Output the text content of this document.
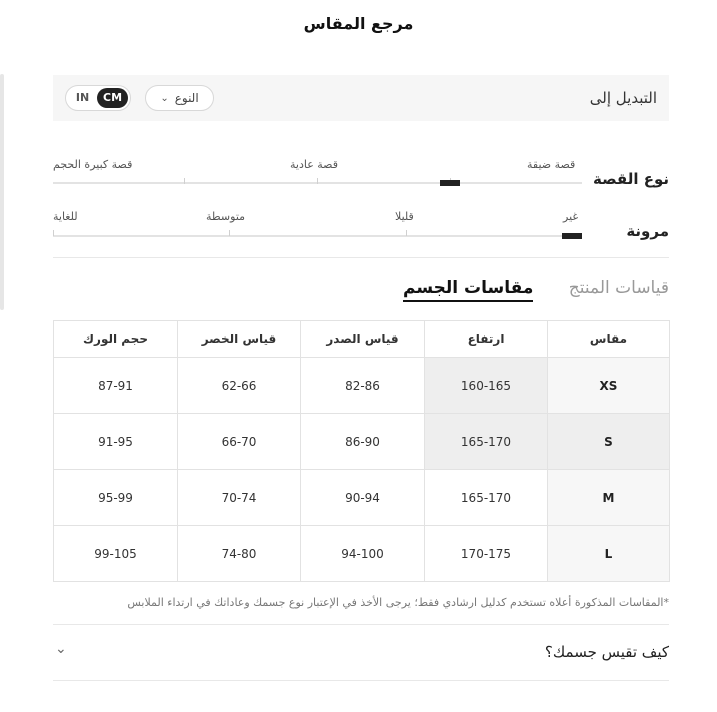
مرجع المقاس
التبديل إلى
⌄ النوع
IN	CM
نوع القصة
قصة ضيقة
قصة عادية
قصة كبيرة الحجم
مرونة
غير
قليلا
متوسطة
للغاية
قياسات المنتج
مقاسات الجسم
مقاس	ارتفاع	قياس الصدر	قياس الخصر	حجم الورك
XS	160-165	82-86	62-66	87-91
S	165-170	86-90	66-70	91-95
M	165-170	90-94	70-74	95-99
L	170-175	94-100	74-80	99-105
*المقاسات المذكورة أعلاه تستخدم كدليل ارشادي فقط؛ يرجى الأخذ في الإعتبار نوع جسمك وعاداتك في ارتداء الملابس
كيف تقيس جسمك؟
⌄
